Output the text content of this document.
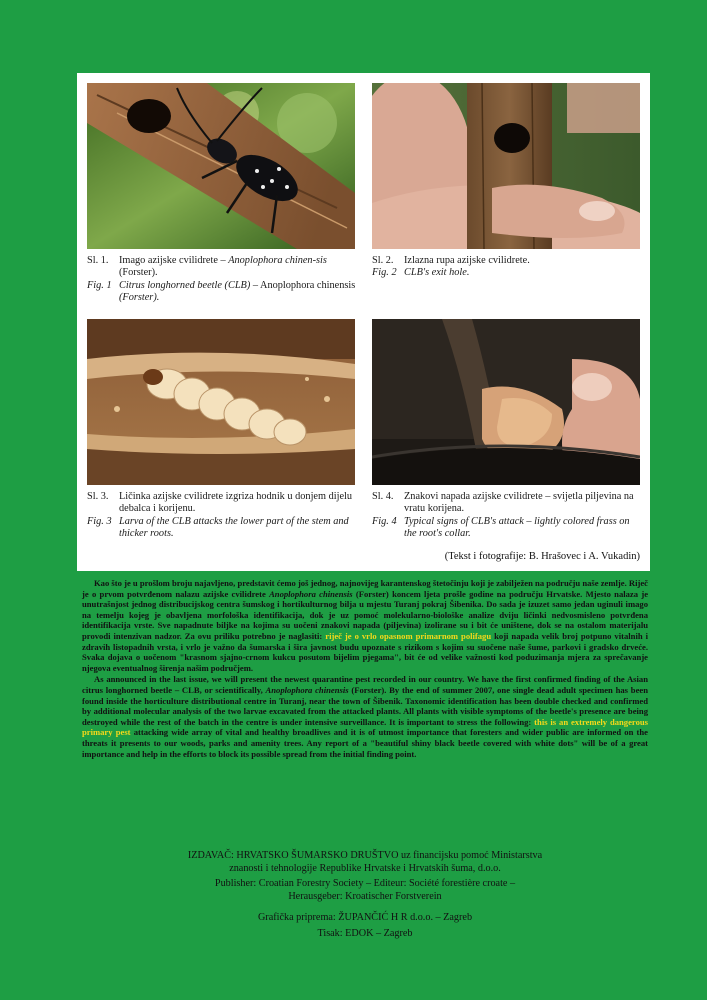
Sl. 1.	Imago azijske cvilidrete – Anoplophora chinen-sis (Forster).
Fig. 1 Citrus longhorned beetle (CLB) – Anoplophora chinensis (Forster).
Sl. 2.	Izlazna rupa azijske cvilidrete.
Fig. 2 CLB's exit hole.
Sl. 3.	Ličinka azijske cvilidrete izgriza hodnik u donjem dijelu debalca i korijenu.
Fig. 3 Larva of the CLB attacks the lower part of the stem and thicker roots.
Sl. 4.	Znakovi napada azijske cvilidrete – svijetla piljevina na vratu korijena.
Fig. 4 Typical signs of CLB's attack – lightly colored frass on the root's collar.
(Tekst i fotografije: B. Hrašovec i A. Vukadin)

Kao što je u prošlom broju najavljeno, predstavit ćemo još jednog, najnovijeg karantenskog štetočinju koji je zabilježen na području naše zemlje. Riječ je o prvom potvrđenom nalazu azijske cvilidrete Anoplophora chinensis (Forster) koncem ljeta prošle godine na području Hrvatske. Mjesto nalaza je unutrašnjost jednog distribucijskog centra šumskog i hortikulturnog bilja u mjestu Turanj pokraj Šibenika. Do sada je izuzet samo jedan uginuli imago na temelju kojeg je obavljena morfološka identifikacija, dok je uz pomoć molekularno-biološke analize dviju ličinki nedvosmisleno potvrđena identifikacija vrste. Sve napadnute biljke na kojima su uočeni znakovi napada (piljevina) izolirane su i bit će uništene, dok se na ostalom materijalu provodi intenzivan nadzor. Za ovu priliku potrebno je naglasiti: riječ je o vrlo opasnom primarnom polifagu koji napada velik broj potpuno vitalnih i zdravih listopadnih vrsta, i vrlo je važno da šumarska i šira javnost budu upoznate s rizikom s kojim su suočene naše šume, parkovi i gradsko drveće. Svaka dojava o uočenom "krasnom sjajno-crnom kukcu posutom bijelim pjegama", bit će od velike važnosti kod poduzimanja mjera za sprečavanje njegova eventualnog širenja našim područjem.

As announced in the last issue, we will present the newest quarantine pest recorded in our country. We have the first confirmed finding of the Asian citrus longhorned beetle – CLB, or scientifically, Anoplophora chinensis (Forster). By the end of summer 2007, one single dead adult specimen has been found inside the horticulture distributional centre in Turanj, near the town of Šibenik. Taxonomic identification has been double checked and confirmed by additional molecular analysis of the two larvae excavated from the attacked plants. All plants with visible symptoms of the beetle's presence are being destroyed while the rest of the batch in the centre is under intensive surveillance. It is important to stress the following: this is an extremely dangerous primary pest attacking wide array of vital and healthy broadlives and it is of utmost importance that foresters and wider public are informed on the threats it presents to our woods, parks and amenity trees. Any report of a "beautiful shiny black beetle covered with white dots" will be of a great importance and help in the efforts to block its possible spread from the initial finding point.

IZDAVAČ: HRVATSKO ŠUMARSKO DRUŠTVO uz financijsku pomoć Ministarstva
znanosti i tehnologije Republike Hrvatske i Hrvatskih šuma, d.o.o.
Publisher: Croatian Forestry Society – Editeur: Société forestière croate –
Herausgeber: Kroatischer Forstverein
Grafička priprema: ŽUPANČIĆ H R d.o.o. – Zagreb
Tisak: EDOK – Zagreb
